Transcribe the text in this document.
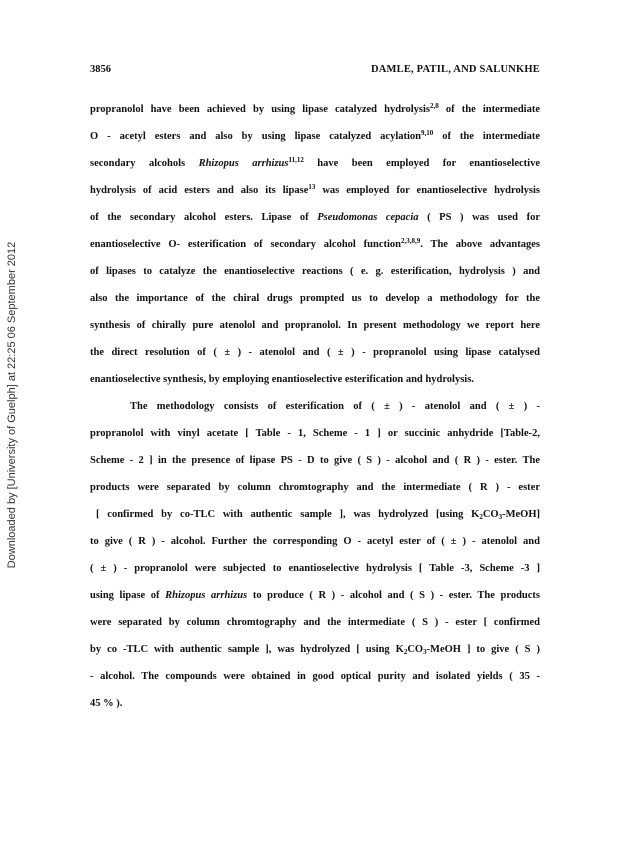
3856	DAMLE, PATIL, AND SALUNKHE
Downloaded by [University of Guelph] at 22:25 06 September 2012
propranolol have been achieved by using lipase catalyzed hydrolysis$^{2,8}$ of the intermediate
O - acetyl esters and also by using lipase catalyzed acylation$^{9,10}$ of the intermediate
secondary alcohols Rhizopus arrhizus$^{11,12}$ have been employed for enantioselective
hydrolysis of acid esters and also its lipase$^{13}$ was employed for enantioselective hydrolysis
of the secondary alcohol esters. Lipase of Pseudomonas cepacia ( PS ) was used for
enantioselective O- esterification of secondary alcohol function$^{2,3,8,9}$. The above advantages
of lipases to catalyze the enantioselective reactions ( e. g. esterification, hydrolysis ) and
also the importance of the chiral drugs prompted us to develop a methodology for the
synthesis of chirally pure atenolol and propranolol. In present methodology we report here
the direct resolution of ( ± ) - atenolol and ( ± ) - propranolol using lipase catalysed
enantioselective synthesis, by employing enantioselective esterification and hydrolysis.
The methodology consists of esterification of ( ± ) - atenolol and ( ± ) -
propranolol with vinyl acetate [ Table - 1, Scheme - 1 ] or succinic anhydride [Table-2,
Scheme - 2 ] in the presence of lipase PS - D to give ( S ) - alcohol and ( R ) - ester. The
products were separated by column chromtography and the intermediate ( R ) - ester
[ confirmed by co-TLC with authentic sample ], was hydrolyzed [using $K_2CO_3-MeOH$]
to give ( R ) - alcohol. Further the corresponding O - acetyl ester of ( ± ) - atenolol and
( ± ) - propranolol were subjected to enantioselective hydrolysis [ Table -3, Scheme -3 ]
using lipase of Rhizopus arrhizus to produce ( R ) - alcohol and ( S ) - ester. The products
were separated by column chromtography and the intermediate ( S ) - ester [ confirmed
by co -TLC with authentic sample ], was hydrolyzed [ using $K_2CO_3$-MeOH ] to give ( S )
- alcohol. The compounds were obtained in good optical purity and isolated yields ( 35 -
45 % ).
